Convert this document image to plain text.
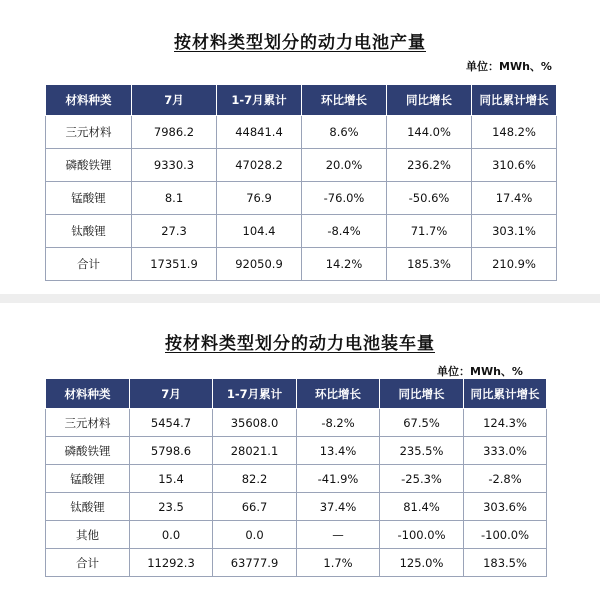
按材料类型划分的动力电池产量
单位：MWh、%
材料种类	7月	1-7月累计	环比增长	同比增长	同比累计增长
三元材料	7986.2	44841.4	8.6%	144.0%	148.2%
磷酸铁锂	9330.3	47028.2	20.0%	236.2%	310.6%
锰酸锂	8.1	76.9	-76.0%	-50.6%	17.4%
钛酸锂	27.3	104.4	-8.4%	71.7%	303.1%
合计	17351.9	92050.9	14.2%	185.3%	210.9%
按材料类型划分的动力电池装车量
单位：MWh、%
材料种类	7月	1-7月累计	环比增长	同比增长	同比累计增长
三元材料	5454.7	35608.0	-8.2%	67.5%	124.3%
磷酸铁锂	5798.6	28021.1	13.4%	235.5%	333.0%
锰酸锂	15.4	82.2	-41.9%	-25.3%	-2.8%
钛酸锂	23.5	66.7	37.4%	81.4%	303.6%
其他	0.0	0.0	—	-100.0%	-100.0%
合计	11292.3	63777.9	1.7%	125.0%	183.5%
